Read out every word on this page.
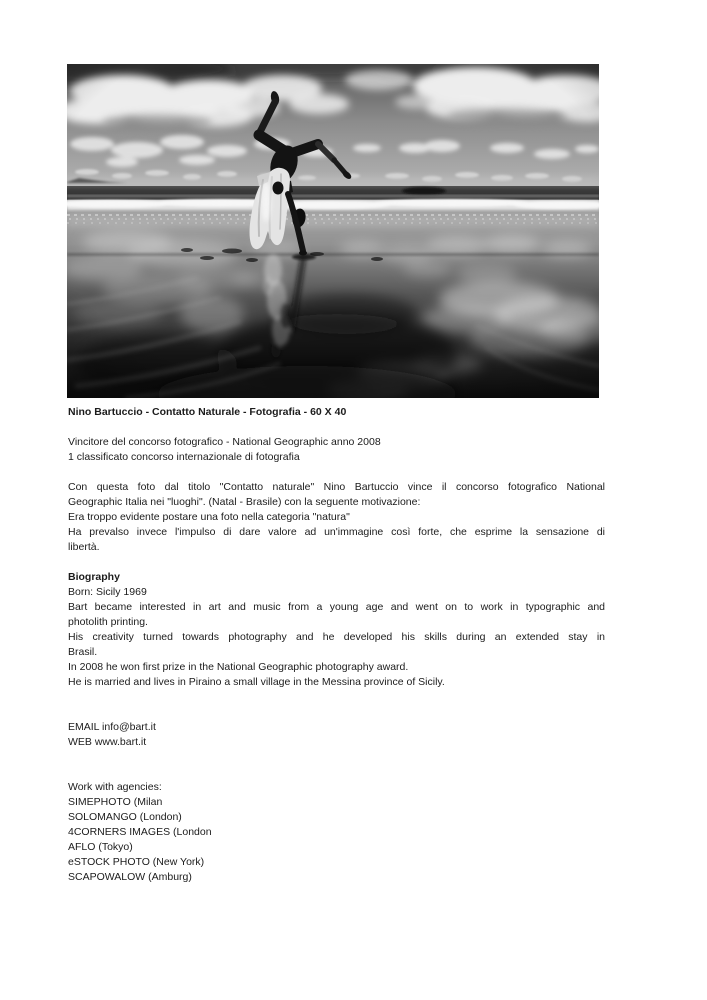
Nino Bartuccio - Contatto Naturale - Fotografia - 60 X 40
Vincitore del concorso fotografico - National Geographic anno 2008
1 classificato concorso internazionale di fotografia
Con questa foto dal titolo "Contatto naturale" Nino Bartuccio vince il concorso fotografico National
Geographic Italia nei "luoghi". (Natal - Brasile) con la seguente motivazione:
Era troppo evidente postare una foto nella categoria "natura"
Ha prevalso invece l'impulso di dare valore ad un'immagine così forte, che esprime la sensazione di
libertà.
Biography
Born: Sicily 1969
Bart became interested in art and music from a young age and went on to work in typographic and
photolith printing.
His creativity turned towards photography and he developed his skills during an extended stay in
Brasil.
In 2008 he won first prize in the National Geographic photography award.
He is married and lives in Piraino a small village in the Messina province of Sicily.
EMAIL info@bart.it
WEB www.bart.it
Work with agencies:
SIMEPHOTO (Milan
SOLOMANGO (London)
4CORNERS IMAGES (London
AFLO (Tokyo)
eSTOCK PHOTO (New York)
SCAPOWALOW (Amburg)
